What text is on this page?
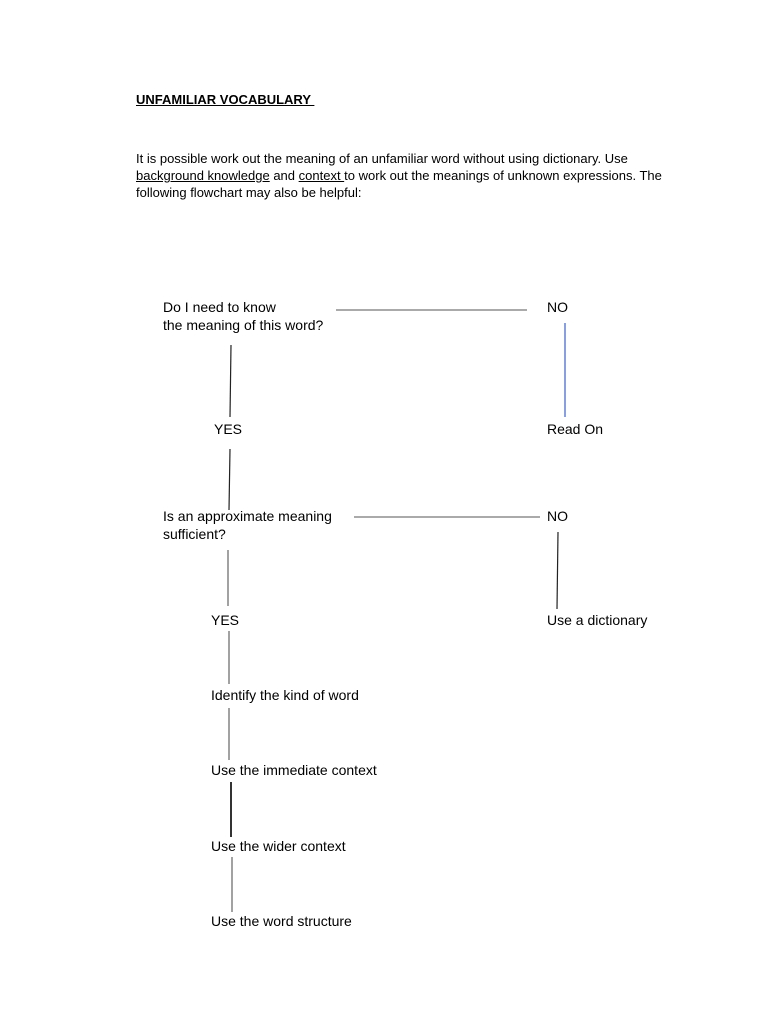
UNFAMILIAR VOCABULARY
It is possible work out the meaning of an unfamiliar word without using dictionary. Use background knowledge and context to work out the meanings of unknown expressions. The following flowchart may also be helpful:
Do I need to know
the meaning of this word?
NO
Read On
YES
Is an approximate meaning
sufficient?
NO
Use a dictionary
YES
Identify the kind of word
Use the immediate context
Use the wider context
Use the word structure
